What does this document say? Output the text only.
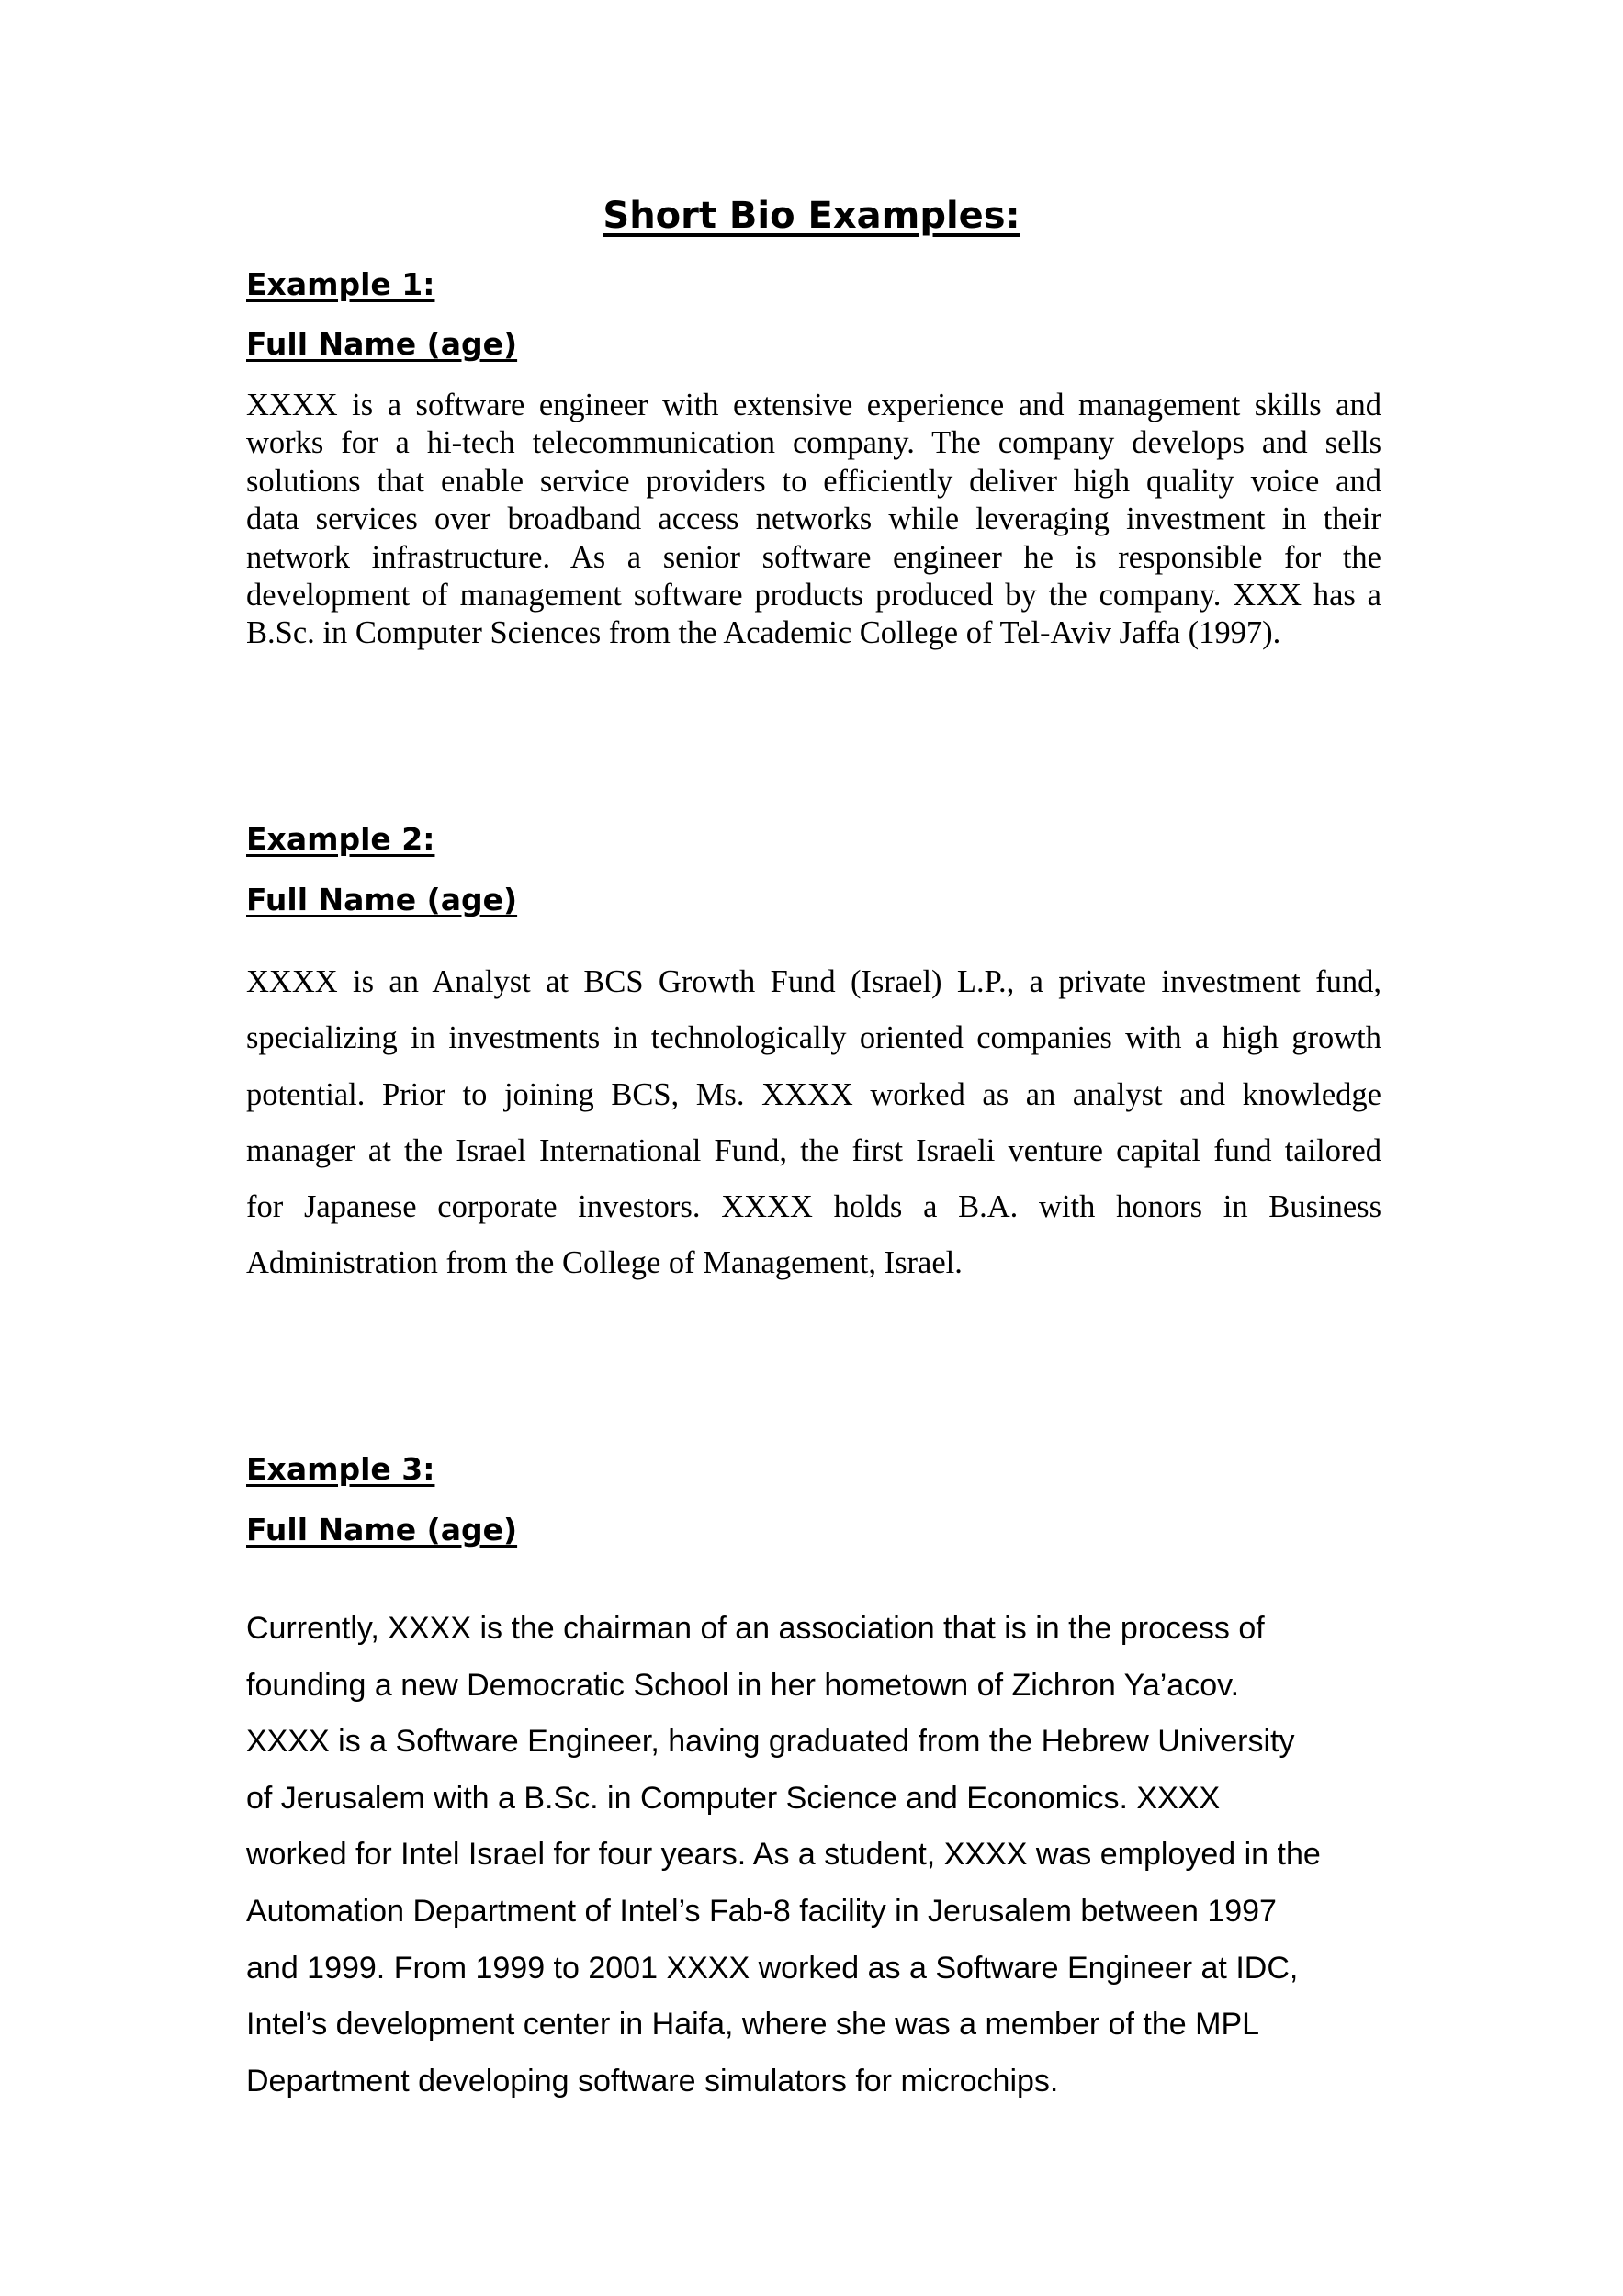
Short Bio Examples:
Example 1:
Full Name (age)
XXXX is a software engineer with extensive experience and management skills and
works for a hi-tech telecommunication company. The company develops and sells
solutions that enable service providers to efficiently deliver high quality voice and
data services over broadband access networks while leveraging investment in their
network infrastructure. As a senior software engineer he is responsible for the
development of management software products produced by the company. XXX has a
B.Sc. in Computer Sciences from the Academic College of Tel-Aviv Jaffa (1997).
Example 2:
Full Name (age)
XXXX is an Analyst at BCS Growth Fund (Israel) L.P., a private investment fund,
specializing in investments in technologically oriented companies with a high growth
potential. Prior to joining BCS, Ms. XXXX worked as an analyst and knowledge
manager at the Israel International Fund, the first Israeli venture capital fund tailored
for Japanese corporate investors. XXXX holds a B.A. with honors in Business
Administration from the College of Management, Israel.
Example 3:
Full Name (age)
Currently, XXXX is the chairman of an association that is in the process of
founding a new Democratic School in her hometown of Zichron Ya’acov.
XXXX is a Software Engineer, having graduated from the Hebrew University
of Jerusalem with a B.Sc. in Computer Science and Economics. XXXX
worked for Intel Israel for four years. As a student, XXXX was employed in the
Automation Department of Intel’s Fab-8 facility in Jerusalem between 1997
and 1999. From 1999 to 2001 XXXX worked as a Software Engineer at IDC,
Intel’s development center in Haifa, where she was a member of the MPL
Department developing software simulators for microchips.
